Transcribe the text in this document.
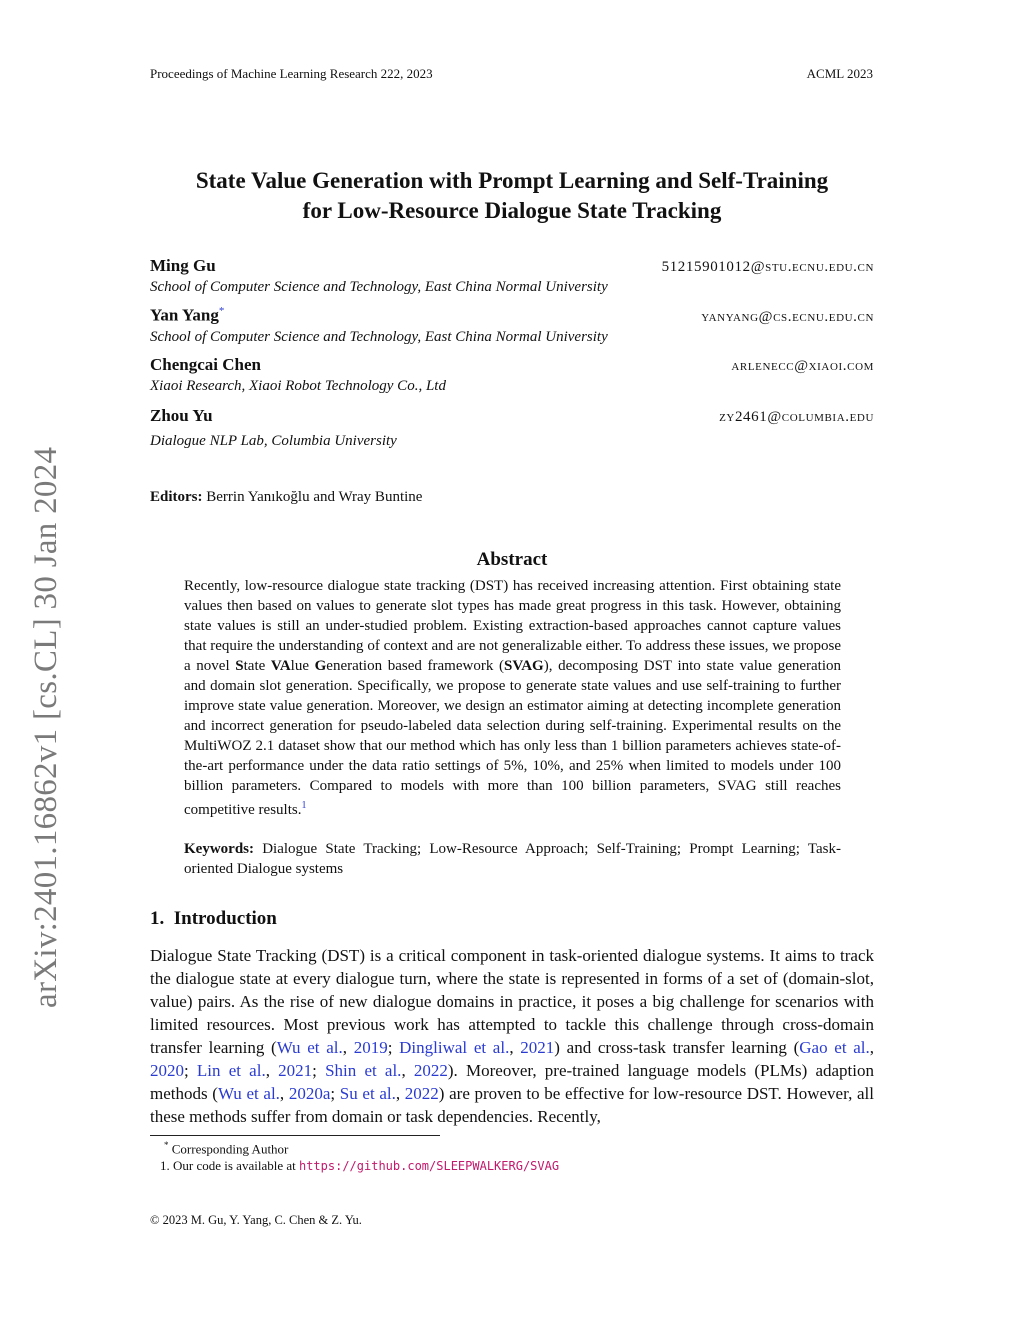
Proceedings of Machine Learning Research 222, 2023	ACML 2023
arXiv:2401.16862v1 [cs.CL] 30 Jan 2024
State Value Generation with Prompt Learning and Self-Training
for Low-Resource Dialogue State Tracking
Ming Gu	51215901012@stu.ecnu.edu.cn
School of Computer Science and Technology, East China Normal University
Yan Yang*	yanyang@cs.ecnu.edu.cn
School of Computer Science and Technology, East China Normal University
Chengcai Chen	arlenecc@xiaoi.com
Xiaoi Research, Xiaoi Robot Technology Co., Ltd
Zhou Yu	zy2461@columbia.edu
Dialogue NLP Lab, Columbia University
Editors: Berrin Yanıkoğlu and Wray Buntine
Abstract

Recently, low-resource dialogue state tracking (DST) has received increasing attention. First obtaining state values then based on values to generate slot types has made great progress in this task. However, obtaining state values is still an under-studied problem. Existing extraction-based approaches cannot capture values that require the understanding of context and are not generalizable either. To address these issues, we propose a novel State VAlue Generation based framework (SVAG), decomposing DST into state value generation and domain slot generation. Specifically, we propose to generate state values and use self-training to further improve state value generation. Moreover, we design an estimator aiming at detecting incomplete generation and incorrect generation for pseudo-labeled data selection during self-training. Experimental results on the MultiWOZ 2.1 dataset show that our method which has only less than 1 billion parameters achieves state-of-the-art performance under the data ratio settings of 5%, 10%, and 25% when limited to models under 100 billion parameters. Compared to models with more than 100 billion parameters, SVAG still reaches competitive results.$^1$

Keywords: Dialogue State Tracking; Low-Resource Approach; Self-Training; Prompt Learning; Task-oriented Dialogue systems
1. Introduction
Dialogue State Tracking (DST) is a critical component in task-oriented dialogue systems. It aims to track the dialogue state at every dialogue turn, where the state is represented in forms of a set of (domain-slot, value) pairs. As the rise of new dialogue domains in practice, it poses a big challenge for scenarios with limited resources. Most previous work has attempted to tackle this challenge through cross-domain transfer learning (Wu et al., 2019; Dingliwal et al., 2021) and cross-task transfer learning (Gao et al., 2020; Lin et al., 2021; Shin et al., 2022). Moreover, pre-trained language models (PLMs) adaption methods (Wu et al., 2020a; Su et al., 2022) are proven to be effective for low-resource DST. However, all these methods suffer from domain or task dependencies. Recently,
* Corresponding Author
1. Our code is available at https://github.com/SLEEPWALKERG/SVAG
© 2023 M. Gu, Y. Yang, C. Chen & Z. Yu.
